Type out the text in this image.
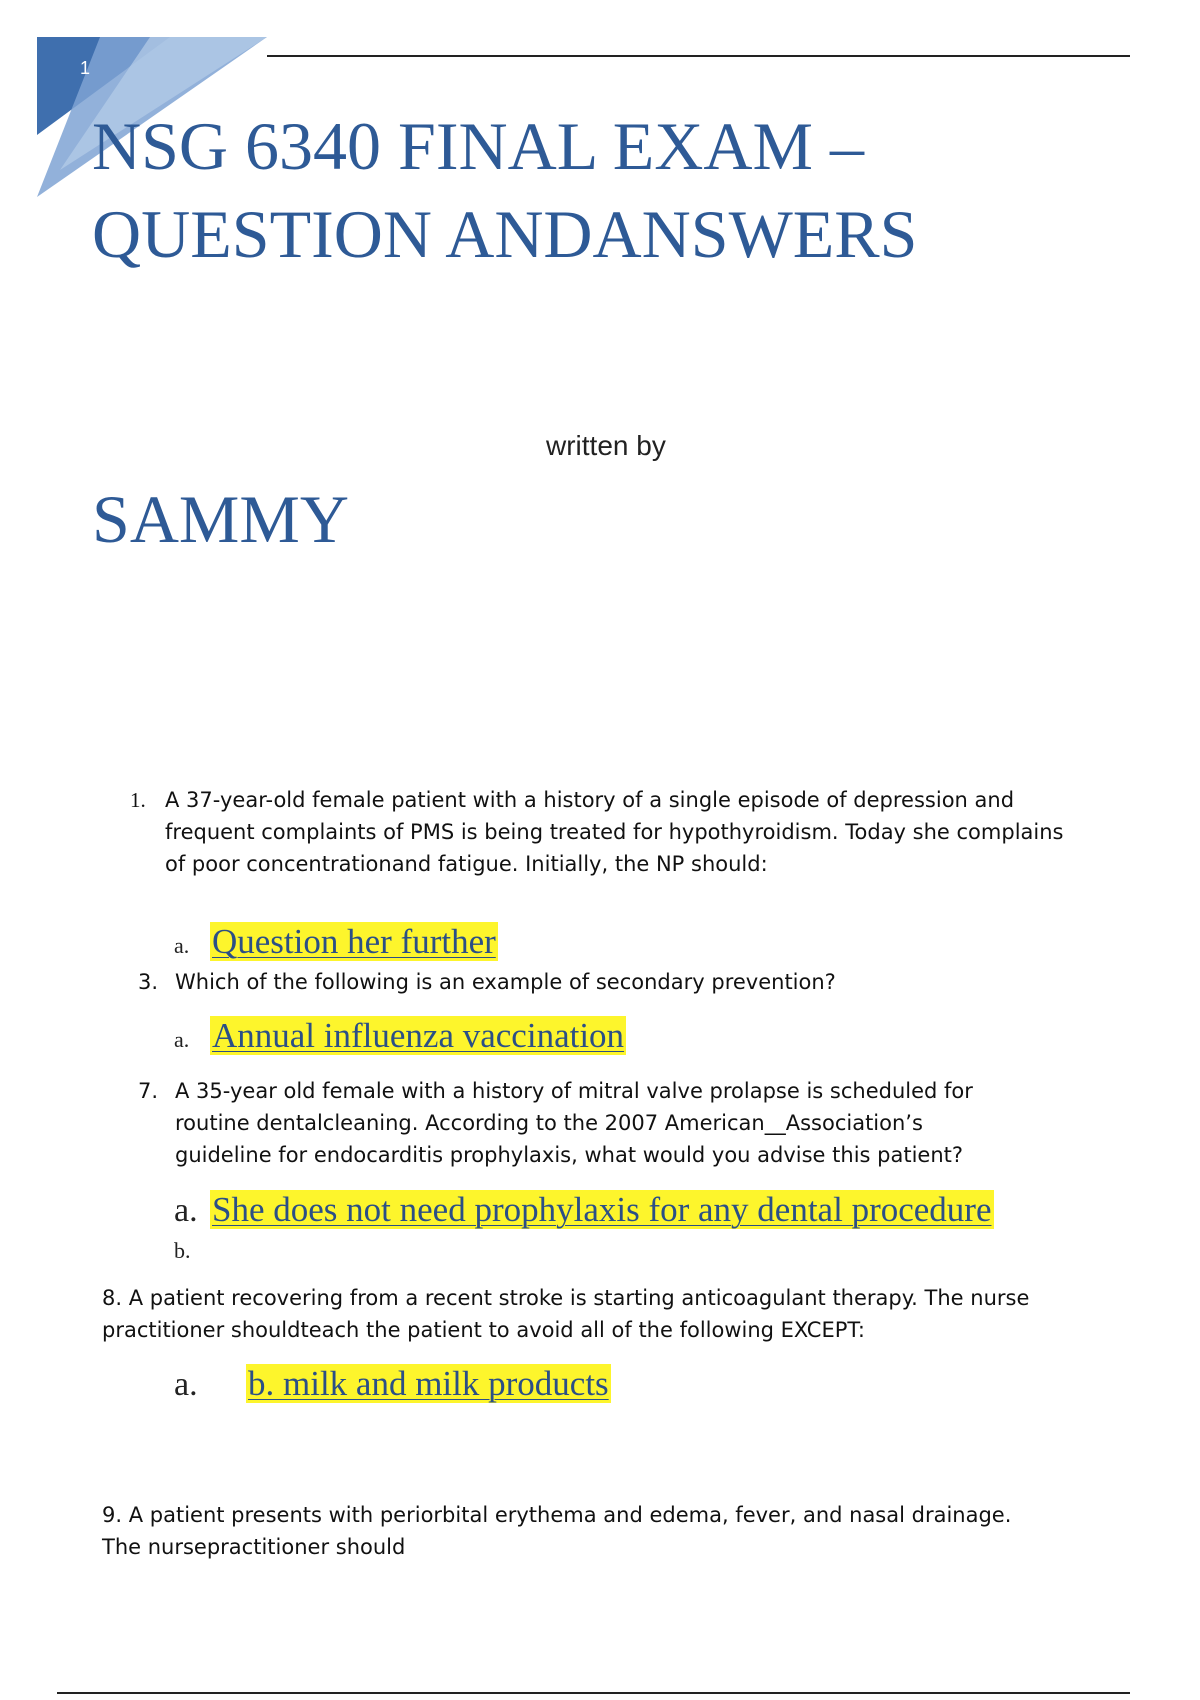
1
NSG 6340 FINAL EXAM –
QUESTION ANDANSWERS
written by
SAMMY
1. A 37-year-old female patient with a history of a single episode of depression and frequent complaints of PMS is being treated for hypothyroidism. Today she complains of poor concentrationand fatigue. Initially, the NP should:
a. Question her further
3. Which of the following is an example of secondary prevention?
a. Annual influenza vaccination
7. A 35-year old female with a history of mitral valve prolapse is scheduled for routine dentalcleaning. According to the 2007 American__Association’s guideline for endocarditis prophylaxis, what would you advise this patient?
a. She does not need prophylaxis for any dental procedure
b.
8. A patient recovering from a recent stroke is starting anticoagulant therapy. The nurse practitioner shouldteach the patient to avoid all of the following EXCEPT:
a. b. milk and milk products
9. A patient presents with periorbital erythema and edema, fever, and nasal drainage. The nursepractitioner should
